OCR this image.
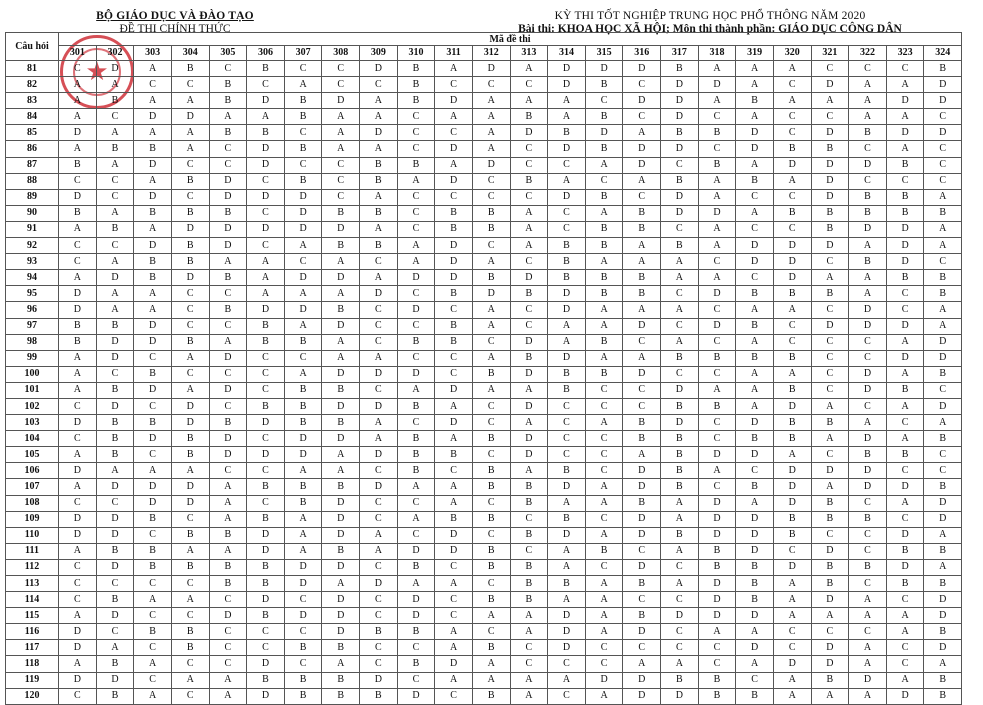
BỘ GIÁO DỤC VÀ ĐÀO TẠO
ĐỀ THI CHÍNH THỨC
★
KỲ THI TỐT NGHIỆP TRUNG HỌC PHỔ THÔNG NĂM 2020
Bài thi: KHOA HỌC XÃ HỘI; Môn thi thành phần: GIÁO DỤC CÔNG DÂN
Câu hỏi	Mã đề thi																							
	301	302	303	304	305	306	307	308	309	310	311	312	313	314	315	316	317	318	319	320	321	322	323	324
81	C	D	A	B	C	B	C	C	D	B	A	D	A	D	D	D	B	A	A	A	C	C	C	B
82	A	A	C	C	B	C	A	C	C	B	C	C	C	D	B	C	D	D	A	C	D	A	A	D
83	A	B	A	A	B	D	B	D	A	B	D	A	A	A	C	D	D	A	B	A	A	A	D	D
84	A	C	D	D	A	A	B	A	A	C	A	A	B	A	B	C	D	C	A	C	C	A	A	C
85	D	A	A	A	B	B	C	A	D	C	C	A	D	B	D	A	B	B	D	C	D	B	D	D
86	A	B	B	A	C	D	B	A	A	C	D	A	C	D	B	D	D	C	D	B	B	C	A	C
87	B	A	D	C	C	D	C	C	B	B	A	D	C	C	A	D	C	B	A	D	D	D	B	C
88	C	C	A	B	D	C	B	C	B	A	D	C	B	A	C	A	B	A	B	A	D	C	C	C
89	D	C	D	C	D	D	D	C	A	C	C	C	C	D	B	C	D	A	C	C	D	B	B	A
90	B	A	B	B	B	C	D	B	B	C	B	B	A	C	A	B	D	D	A	B	B	B	B	B
91	A	B	A	D	D	D	D	D	A	C	B	B	A	C	B	B	C	A	C	C	B	D	D	A
92	C	C	D	B	D	C	A	B	B	A	D	C	A	B	B	A	B	A	D	D	D	A	D	A
93	C	A	B	B	A	A	C	A	C	A	D	A	C	B	A	A	A	C	D	D	C	B	D	C
94	A	D	B	D	B	A	D	D	A	D	D	B	D	B	B	B	A	A	C	D	A	A	B	B
95	D	A	A	C	C	A	A	A	D	C	B	D	B	D	B	B	C	D	B	B	B	A	C	B
96	D	A	A	C	B	D	D	B	C	D	C	A	C	D	A	A	A	C	A	A	C	D	C	A
97	B	B	D	C	C	B	A	D	C	C	B	A	C	A	A	D	C	D	B	C	D	D	D	A
98	B	D	D	B	A	B	B	A	C	B	B	C	D	A	B	C	A	C	A	C	C	C	A	D
99	A	D	C	A	D	C	C	A	A	C	C	A	B	D	A	A	B	B	B	B	C	C	D	D
100	A	C	B	C	C	C	A	D	D	D	C	B	D	B	B	D	C	C	A	A	C	D	A	B
101	A	B	D	A	D	C	B	B	C	A	D	A	A	B	C	C	D	A	A	B	C	D	B	C
102	C	D	C	D	C	B	B	D	D	B	A	C	D	C	C	C	B	B	A	D	A	C	A	D
103	D	B	B	D	B	D	B	B	A	C	D	C	A	C	A	B	D	C	D	B	B	A	C	A
104	C	B	D	B	D	C	D	D	A	B	A	B	D	C	C	B	B	C	B	B	A	D	A	B
105	A	B	C	B	D	D	D	A	D	B	B	C	D	C	C	A	B	D	D	A	C	B	B	C
106	D	A	A	A	C	C	A	A	C	B	C	B	A	B	C	D	B	A	C	D	D	D	C	C
107	A	D	D	D	A	B	B	B	D	A	A	B	B	D	A	D	B	C	B	D	A	D	D	B
108	C	C	D	D	A	C	B	D	C	C	A	C	B	A	A	B	A	D	A	D	B	C	A	D
109	D	D	B	C	A	B	A	D	C	A	B	B	C	B	C	D	A	D	D	B	B	B	C	D
110	D	D	C	B	B	D	A	D	A	C	D	C	B	D	A	D	B	D	D	B	C	C	D	A
111	A	B	B	A	A	D	A	B	A	D	D	B	C	A	B	C	A	B	D	C	D	C	B	B
112	C	D	B	B	B	B	D	D	C	B	C	B	B	A	C	D	C	B	B	D	B	B	D	A
113	C	C	C	C	B	B	D	A	D	A	A	C	B	B	A	B	A	D	B	A	B	C	B	B
114	C	B	A	A	C	D	C	D	C	D	C	B	B	A	A	C	C	D	B	A	D	A	C	D
115	A	D	C	C	D	B	D	D	C	D	C	A	A	D	A	B	D	D	D	A	A	A	A	D
116	D	C	B	B	C	C	C	D	B	B	A	C	A	D	A	D	C	A	A	C	C	C	A	B
117	D	A	C	B	C	C	B	B	C	C	A	B	C	D	C	C	C	C	D	C	D	A	C	D
118	A	B	A	C	C	D	C	A	C	B	D	A	C	C	C	A	A	C	A	D	D	A	C	A
119	D	D	C	A	A	B	B	B	D	C	A	A	A	A	D	D	B	B	C	A	B	D	A	B
120	C	B	A	C	A	D	B	B	B	D	C	B	A	C	A	D	D	B	B	A	A	A	D	B
